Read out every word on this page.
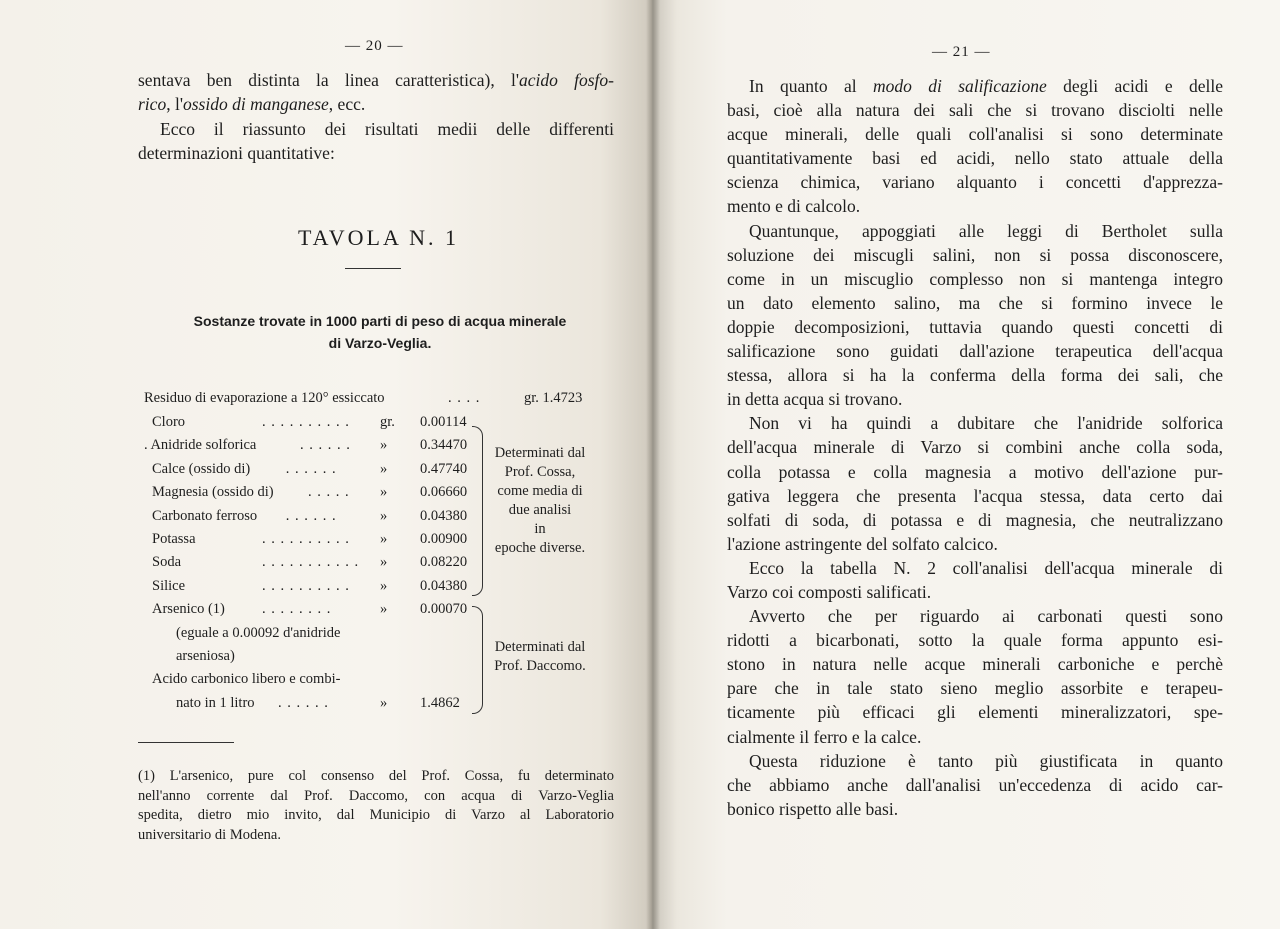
— 20 —
sentava ben distinta la linea caratteristica), l'acido fosfo-
rico, l'ossido di manganese, ecc.
Ecco il riassunto dei risultati medii delle differenti
determinazioni quantitative:
TAVOLA N. 1
Sostanze trovate in 1000 parti di peso di acqua minerale
di Varzo-Veglia.
Residuo di evaporazione a 120° essiccato	. . . .	gr. 1.4723
Cloro	. . . . . . . . . . gr. 0.00114
. Anidride solforica	. . . . . . » 0.34470
Calce (ossido di) . . . . . .	» 0.47740
Magnesia (ossido di) . . . . . » 0.06660
Carbonato ferroso . . . . . .	» 0.04380
Potassa	. . . . . . . . . . » 0.00900
Soda	. . . . . . . . . . . » 0.08220
Silice	. . . . . . . . . . » 0.04380
Arsenico (1)	. . . . . . . .	» 0.00070
(eguale a 0.00092 d'anidride
arseniosa)
Acido carbonico libero e combi-
nato in 1 litro . . . . . .	» 1.4862
Determinati dal
Prof. Cossa,
come media di
due analisi
in
epoche diverse.
Determinati dal
Prof. Daccomo.
(1) L'arsenico, pure col consenso del Prof. Cossa, fu determinato
nell'anno corrente dal Prof. Daccomo, con acqua di Varzo-Veglia
spedita, dietro mio invito, dal Municipio di Varzo al Laboratorio
universitario di Modena.
— 21 —
In quanto al modo di salificazione degli acidi e delle
basi, cioè alla natura dei sali che si trovano disciolti nelle
acque minerali, delle quali coll'analisi si sono determinate
quantitativamente basi ed acidi, nello stato attuale della
scienza chimica, variano alquanto i concetti d'apprezza-
mento e di calcolo.
Quantunque, appoggiati alle leggi di Bertholet sulla
soluzione dei miscugli salini, non si possa disconoscere,
come in un miscuglio complesso non si mantenga integro
un dato elemento salino, ma che si formino invece le
doppie decomposizioni, tuttavia quando questi concetti di
salificazione sono guidati dall'azione terapeutica dell'acqua
stessa, allora si ha la conferma della forma dei sali, che
in detta acqua si trovano.
Non vi ha quindi a dubitare che l'anidride solforica
dell'acqua minerale di Varzo si combini anche colla soda,
colla potassa e colla magnesia a motivo dell'azione pur-
gativa leggera che presenta l'acqua stessa, data certo dai
solfati di soda, di potassa e di magnesia, che neutralizzano
l'azione astringente del solfato calcico.
Ecco la tabella N. 2 coll'analisi dell'acqua minerale di
Varzo coi composti salificati.
Avverto che per riguardo ai carbonati questi sono
ridotti a bicarbonati, sotto la quale forma appunto esi-
stono in natura nelle acque minerali carboniche e perchè
pare che in tale stato sieno meglio assorbite e terapeu-
ticamente più efficaci gli elementi mineralizzatori, spe-
cialmente il ferro e la calce.
Questa riduzione è tanto più giustificata in quanto
che abbiamo anche dall'analisi un'eccedenza di acido car-
bonico rispetto alle basi.
